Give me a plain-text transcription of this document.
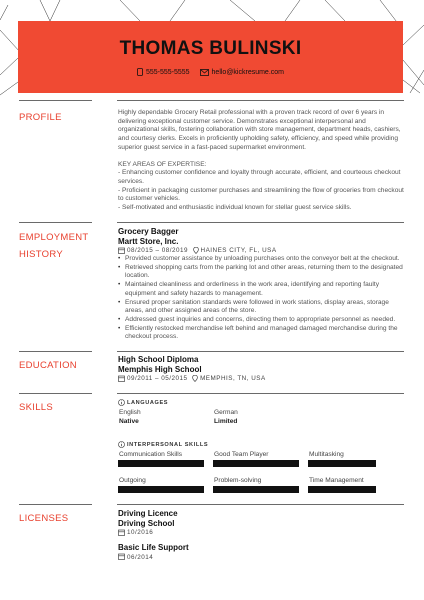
THOMAS BULINSKI
555-555-5555	hello@kickresume.com
PROFILE	Highly dependable Grocery Retail professional with a proven track record of over 6 years in delivering exceptional customer service. Demonstrates exceptional interpersonal and organizational skills, fostering collaboration with store management, department heads, cashiers, and courtesy clerks. Excels in proficiently upholding safety, efficiency, and speed while providing superior guest service in a fast-paced supermarket environment.
KEY AREAS OF EXPERTISE:
- Enhancing customer confidence and loyalty through accurate, efficient, and courteous checkout services.
- Proficient in packaging customer purchases and streamlining the flow of groceries from checkout to customer vehicles.
- Self-motivated and enthusiastic individual known for stellar guest service skills.
EMPLOYMENT
HISTORY
Grocery Bagger
Martt Store, Inc.
08/2015 – 08/2019 HAINES CITY, FL, USA
• Provided customer assistance by unloading purchases onto the conveyor belt at the checkout.
• Retrieved shopping carts from the parking lot and other areas, returning them to the designated location.
• Maintained cleanliness and orderliness in the work area, identifying and reporting faulty equipment and safety hazards to management.
• Ensured proper sanitation standards were followed in work stations, display areas, storage areas, and other assigned areas of the store.
• Addressed guest inquiries and concerns, directing them to appropriate personnel as needed.
• Efficiently restocked merchandise left behind and managed damaged merchandise during the checkout process.
EDUCATION
High School Diploma
Memphis High School
09/2011 – 05/2015 MEMPHIS, TN, USA
SKILLS	LANGUAGES
English
Native
German
Limited
INTERPERSONAL SKILLS
Communication Skills	Good Team Player	Multitasking
Outgoing	Problem-solving	Time Management
LICENSES	Driving Licence
Driving School
10/2016
Basic Life Support
06/2014
